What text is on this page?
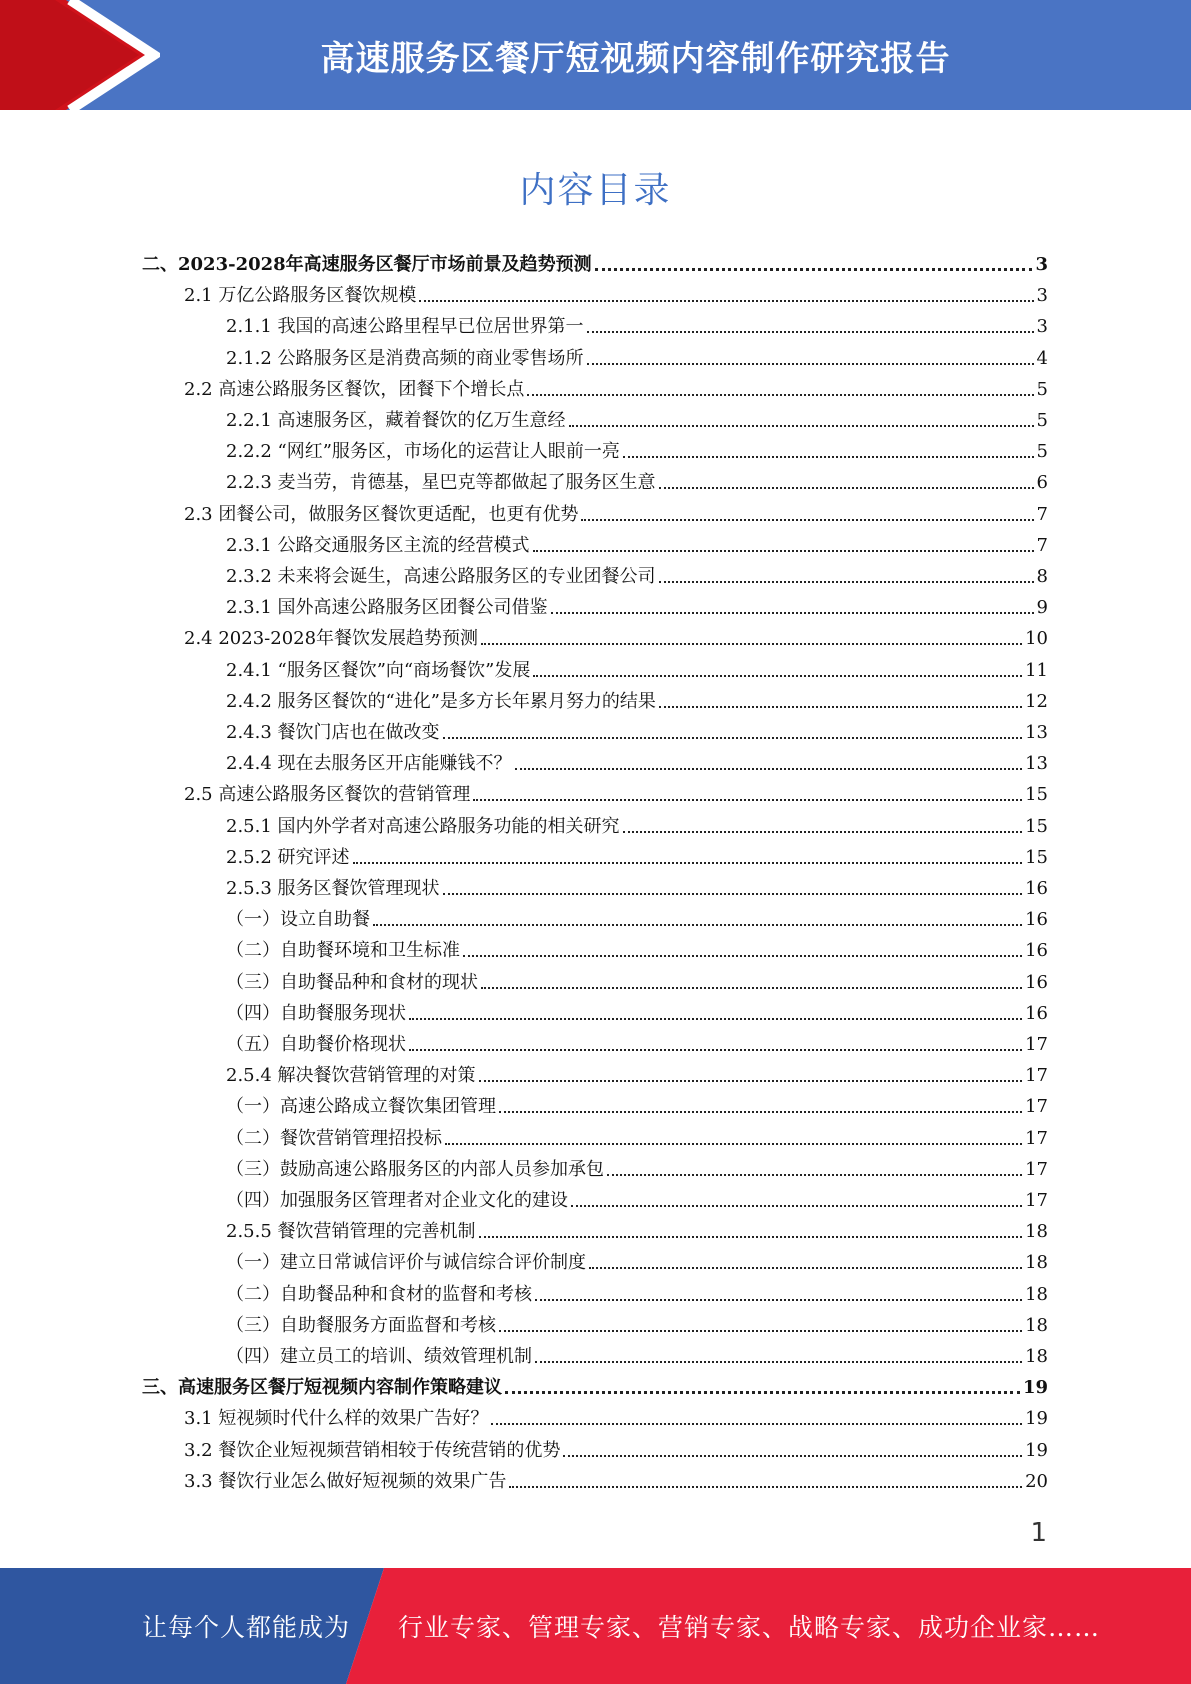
高速服务区餐厅短视频内容制作研究报告
内容目录
二、2023-2028年高速服务区餐厅市场前景及趋势预测	3
2.1 万亿公路服务区餐饮规模	3
2.1.1 我国的高速公路里程早已位居世界第一	3
2.1.2 公路服务区是消费高频的商业零售场所	4
2.2 高速公路服务区餐饮，团餐下个增长点	5
2.2.1 高速服务区，藏着餐饮的亿万生意经	5
2.2.2 “网红”服务区，市场化的运营让人眼前一亮	5
2.2.3 麦当劳，肯德基，星巴克等都做起了服务区生意	6
2.3 团餐公司，做服务区餐饮更适配，也更有优势	7
2.3.1 公路交通服务区主流的经营模式	7
2.3.2 未来将会诞生，高速公路服务区的专业团餐公司	8
2.3.1 国外高速公路服务区团餐公司借鉴	9
2.4 2023-2028年餐饮发展趋势预测	10
2.4.1 “服务区餐饮”向“商场餐饮”发展	11
2.4.2 服务区餐饮的“进化”是多方长年累月努力的结果	12
2.4.3 餐饮门店也在做改变	13
2.4.4 现在去服务区开店能赚钱不？	13
2.5 高速公路服务区餐饮的营销管理	15
2.5.1 国内外学者对高速公路服务功能的相关研究	15
2.5.2 研究评述	15
2.5.3 服务区餐饮管理现状	16
（一）设立自助餐	16
（二）自助餐环境和卫生标准	16
（三）自助餐品种和食材的现状	16
（四）自助餐服务现状	16
（五）自助餐价格现状	17
2.5.4 解决餐饮营销管理的对策	17
（一）高速公路成立餐饮集团管理	17
（二）餐饮营销管理招投标	17
（三）鼓励高速公路服务区的内部人员参加承包	17
（四）加强服务区管理者对企业文化的建设	17
2.5.5 餐饮营销管理的完善机制	18
（一）建立日常诚信评价与诚信综合评价制度	18
（二）自助餐品种和食材的监督和考核	18
（三）自助餐服务方面监督和考核	18
（四）建立员工的培训、绩效管理机制	18
三、高速服务区餐厅短视频内容制作策略建议	19
3.1 短视频时代什么样的效果广告好？	19
3.2 餐饮企业短视频营销相较于传统营销的优势	19
3.3 餐饮行业怎么做好短视频的效果广告	20
1
让每个人都能成为 行业专家、管理专家、营销专家、战略专家、成功企业家……
